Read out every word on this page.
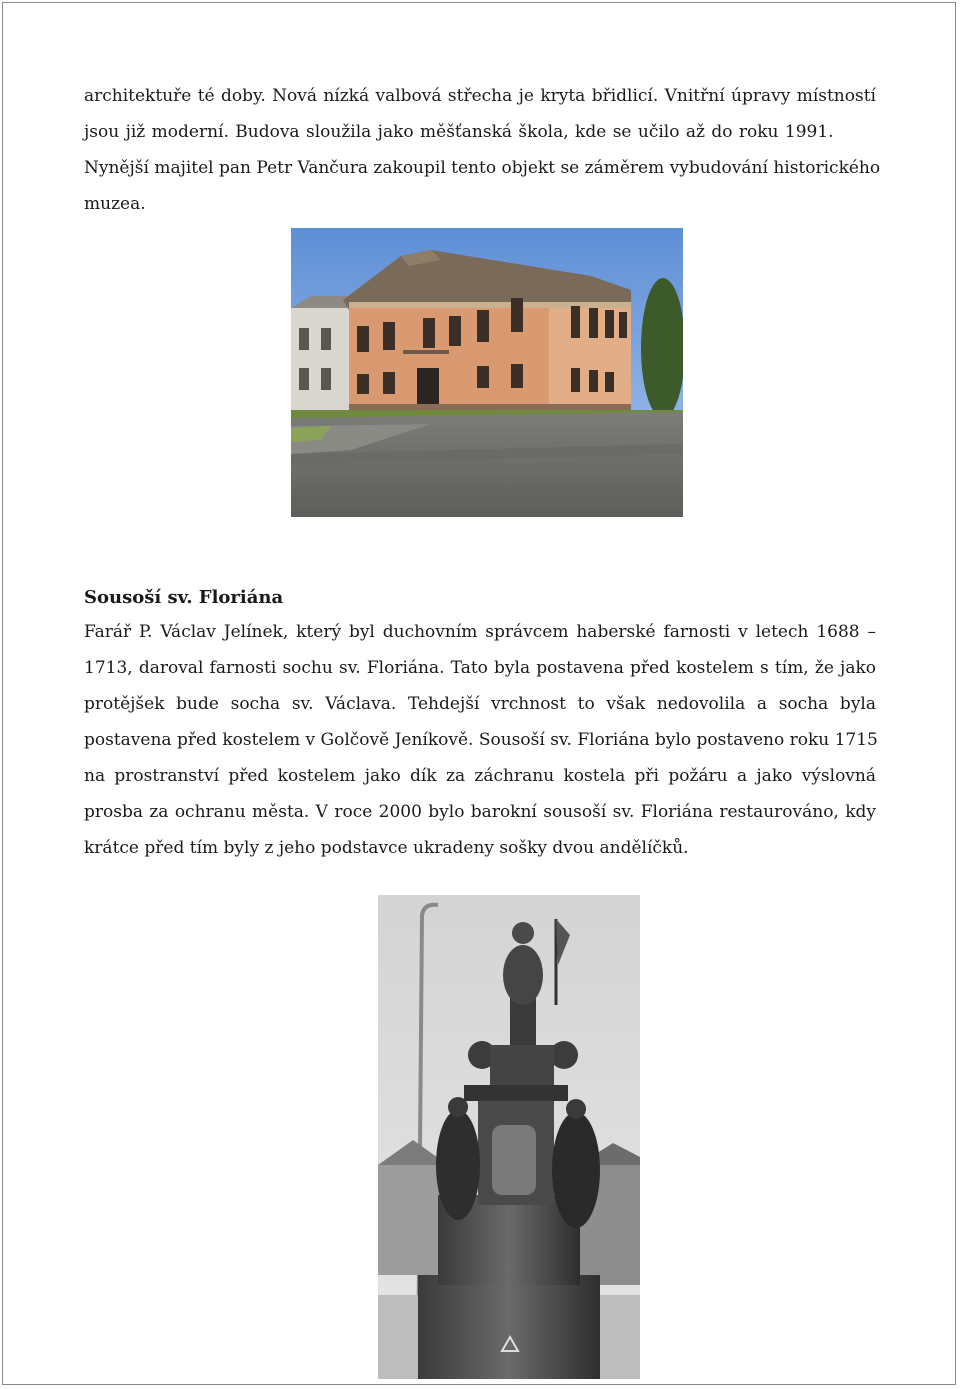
architektuře té doby. Nová nízká valbová střecha je kryta břidlicí. Vnitřní úpravy místností
jsou již moderní. Budova sloužila jako měšťanská škola, kde se učilo až do roku 1991.
Nynější majitel pan Petr Vančura zakoupil tento objekt se záměrem vybudování historického
muzea.
Sousoší sv. Floriána
Farář P. Václav Jelínek, který byl duchovním správcem haberské farnosti v letech 1688 –
1713, daroval farnosti sochu sv. Floriána. Tato byla postavena před kostelem s tím, že jako
protějšek bude socha sv. Václava. Tehdejší vrchnost to však nedovolila a socha byla
postavena před kostelem v Golčově Jeníkově. Sousoší sv. Floriána bylo postaveno roku 1715
na prostranství před kostelem jako dík za záchranu kostela při požáru a jako výslovná
prosba za ochranu města. V roce 2000 bylo barokní sousoší sv. Floriána restaurováno, kdy
krátce před tím byly z jeho podstavce ukradeny sošky dvou andělíčků.
